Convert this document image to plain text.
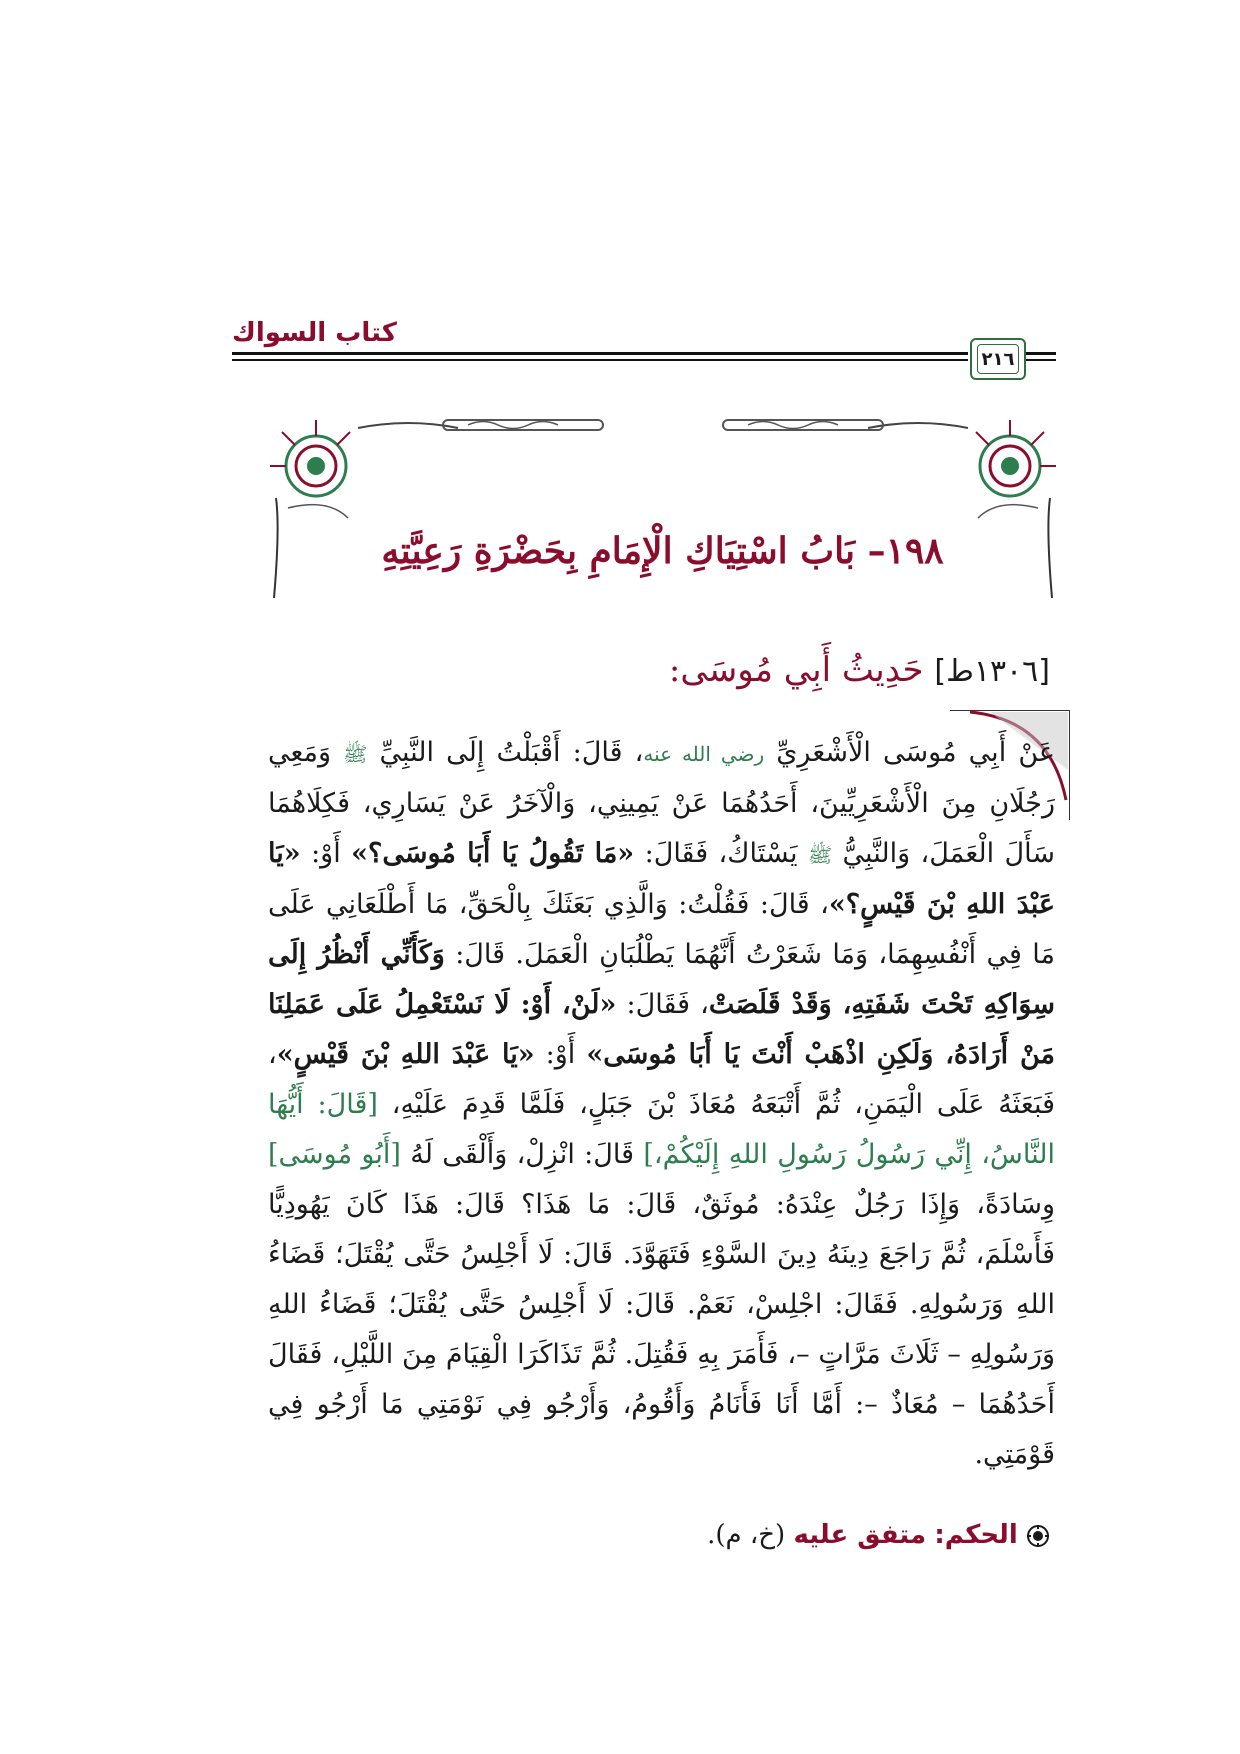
كتاب السواك
٢١٦
١٩٨– بَابُ اسْتِيَاكِ الْإِمَامِ بِحَضْرَةِ رَعِيَّتِهِ
[١٣٠٦ط] حَدِيثُ أَبِي مُوسَى:

عَنْ أَبِي مُوسَى الْأَشْعَرِيِّ رضي الله عنه، قَالَ: أَقْبَلْتُ إِلَى النَّبِيِّ ﷺ وَمَعِي رَجُلَانِ مِنَ الْأَشْعَرِيِّينَ، أَحَدُهُمَا عَنْ يَمِينِي، وَالْآخَرُ عَنْ يَسَارِي، فَكِلَاهُمَا سَأَلَ الْعَمَلَ، وَالنَّبِيُّ ﷺ يَسْتَاكُ، فَقَالَ: «مَا تَقُولُ يَا أَبَا مُوسَى؟» أَوْ: «يَا عَبْدَ اللهِ بْنَ قَيْسٍ؟»، قَالَ: فَقُلْتُ: وَالَّذِي بَعَثَكَ بِالْحَقِّ، مَا أَطْلَعَانِي عَلَى مَا فِي أَنْفُسِهِمَا، وَمَا شَعَرْتُ أَنَّهُمَا يَطْلُبَانِ الْعَمَلَ. قَالَ: وَكَأَنِّي أَنْظُرُ إِلَى سِوَاكِهِ تَحْتَ شَفَتِهِ، وَقَدْ قَلَصَتْ، فَقَالَ: «لَنْ، أَوْ: لَا نَسْتَعْمِلُ عَلَى عَمَلِنَا مَنْ أَرَادَهُ، وَلَكِنِ اذْهَبْ أَنْتَ يَا أَبَا مُوسَى» أَوْ: «يَا عَبْدَ اللهِ بْنَ قَيْسٍ»، فَبَعَثَهُ عَلَى الْيَمَنِ، ثُمَّ أَتْبَعَهُ مُعَاذَ بْنَ جَبَلٍ، فَلَمَّا قَدِمَ عَلَيْهِ، [قَالَ: أَيُّهَا النَّاسُ، إِنِّي رَسُولُ رَسُولِ اللهِ إِلَيْكُمْ،] قَالَ: انْزِلْ، وَأَلْقَى لَهُ [أَبُو مُوسَى] وِسَادَةً، وَإِذَا رَجُلٌ عِنْدَهُ: مُوثَقٌ، قَالَ: مَا هَذَا؟ قَالَ: هَذَا كَانَ يَهُودِيًّا فَأَسْلَمَ، ثُمَّ رَاجَعَ دِينَهُ دِينَ السَّوْءِ فَتَهَوَّدَ. قَالَ: لَا أَجْلِسُ حَتَّى يُقْتَلَ؛ قَضَاءُ اللهِ وَرَسُولِهِ. فَقَالَ: اجْلِسْ، نَعَمْ. قَالَ: لَا أَجْلِسُ حَتَّى يُقْتَلَ؛ قَضَاءُ اللهِ وَرَسُولِهِ – ثَلَاثَ مَرَّاتٍ –، فَأَمَرَ بِهِ فَقُتِلَ. ثُمَّ تَذَاكَرَا الْقِيَامَ مِنَ اللَّيْلِ، فَقَالَ أَحَدُهُمَا – مُعَاذٌ –: أَمَّا أَنَا فَأَنَامُ وَأَقُومُ، وَأَرْجُو فِي نَوْمَتِي مَا أَرْجُو فِي قَوْمَتِي.

الحكم: متفق عليه (خ، م).
